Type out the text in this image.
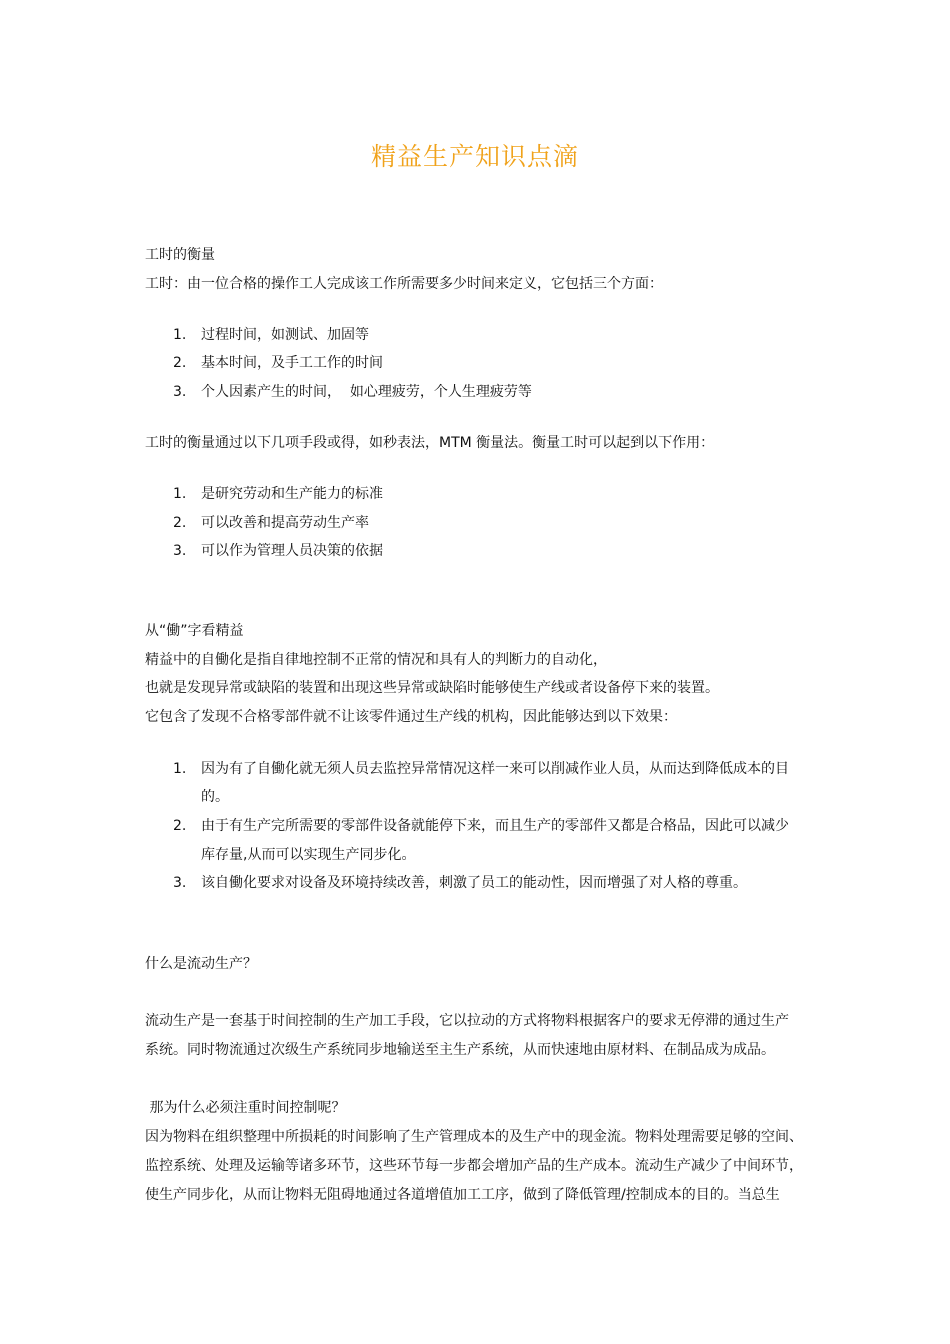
精益生产知识点滴
工时的衡量
工时：由一位合格的操作工人完成该工作所需要多少时间来定义，它包括三个方面：
1. 过程时间，如测试、加固等
2. 基本时间，及手工工作的时间
3. 个人因素产生的时间，  如心理疲劳，个人生理疲劳等
工时的衡量通过以下几项手段或得，如秒表法，MTM 衡量法。衡量工时可以起到以下作用：
1. 是研究劳动和生产能力的标准
2. 可以改善和提高劳动生产率
3. 可以作为管理人员决策的依据
从“働”字看精益
精益中的自働化是指自律地控制不正常的情况和具有人的判断力的自动化，
也就是发现异常或缺陷的装置和出现这些异常或缺陷时能够使生产线或者设备停下来的装置。
它包含了发现不合格零部件就不让该零件通过生产线的机构，因此能够达到以下效果：
1. 因为有了自働化就无须人员去监控异常情况这样一来可以削减作业人员，从而达到降低成本的目
的。
2. 由于有生产完所需要的零部件设备就能停下来，而且生产的零部件又都是合格品，因此可以减少
库存量,从而可以实现生产同步化。
3. 该自働化要求对设备及环境持续改善，刺激了员工的能动性，因而增强了对人格的尊重。
什么是流动生产？
流动生产是一套基于时间控制的生产加工手段，它以拉动的方式将物料根据客户的要求无停滞的通过生产
系统。同时物流通过次级生产系统同步地输送至主生产系统，从而快速地由原材料、在制品成为成品。
那为什么必须注重时间控制呢？
因为物料在组织整理中所损耗的时间影响了生产管理成本的及生产中的现金流。物料处理需要足够的空间、
监控系统、处理及运输等诸多环节，这些环节每一步都会增加产品的生产成本。流动生产减少了中间环节，
使生产同步化，从而让物料无阻碍地通过各道增值加工工序，做到了降低管理/控制成本的目的。当总生
